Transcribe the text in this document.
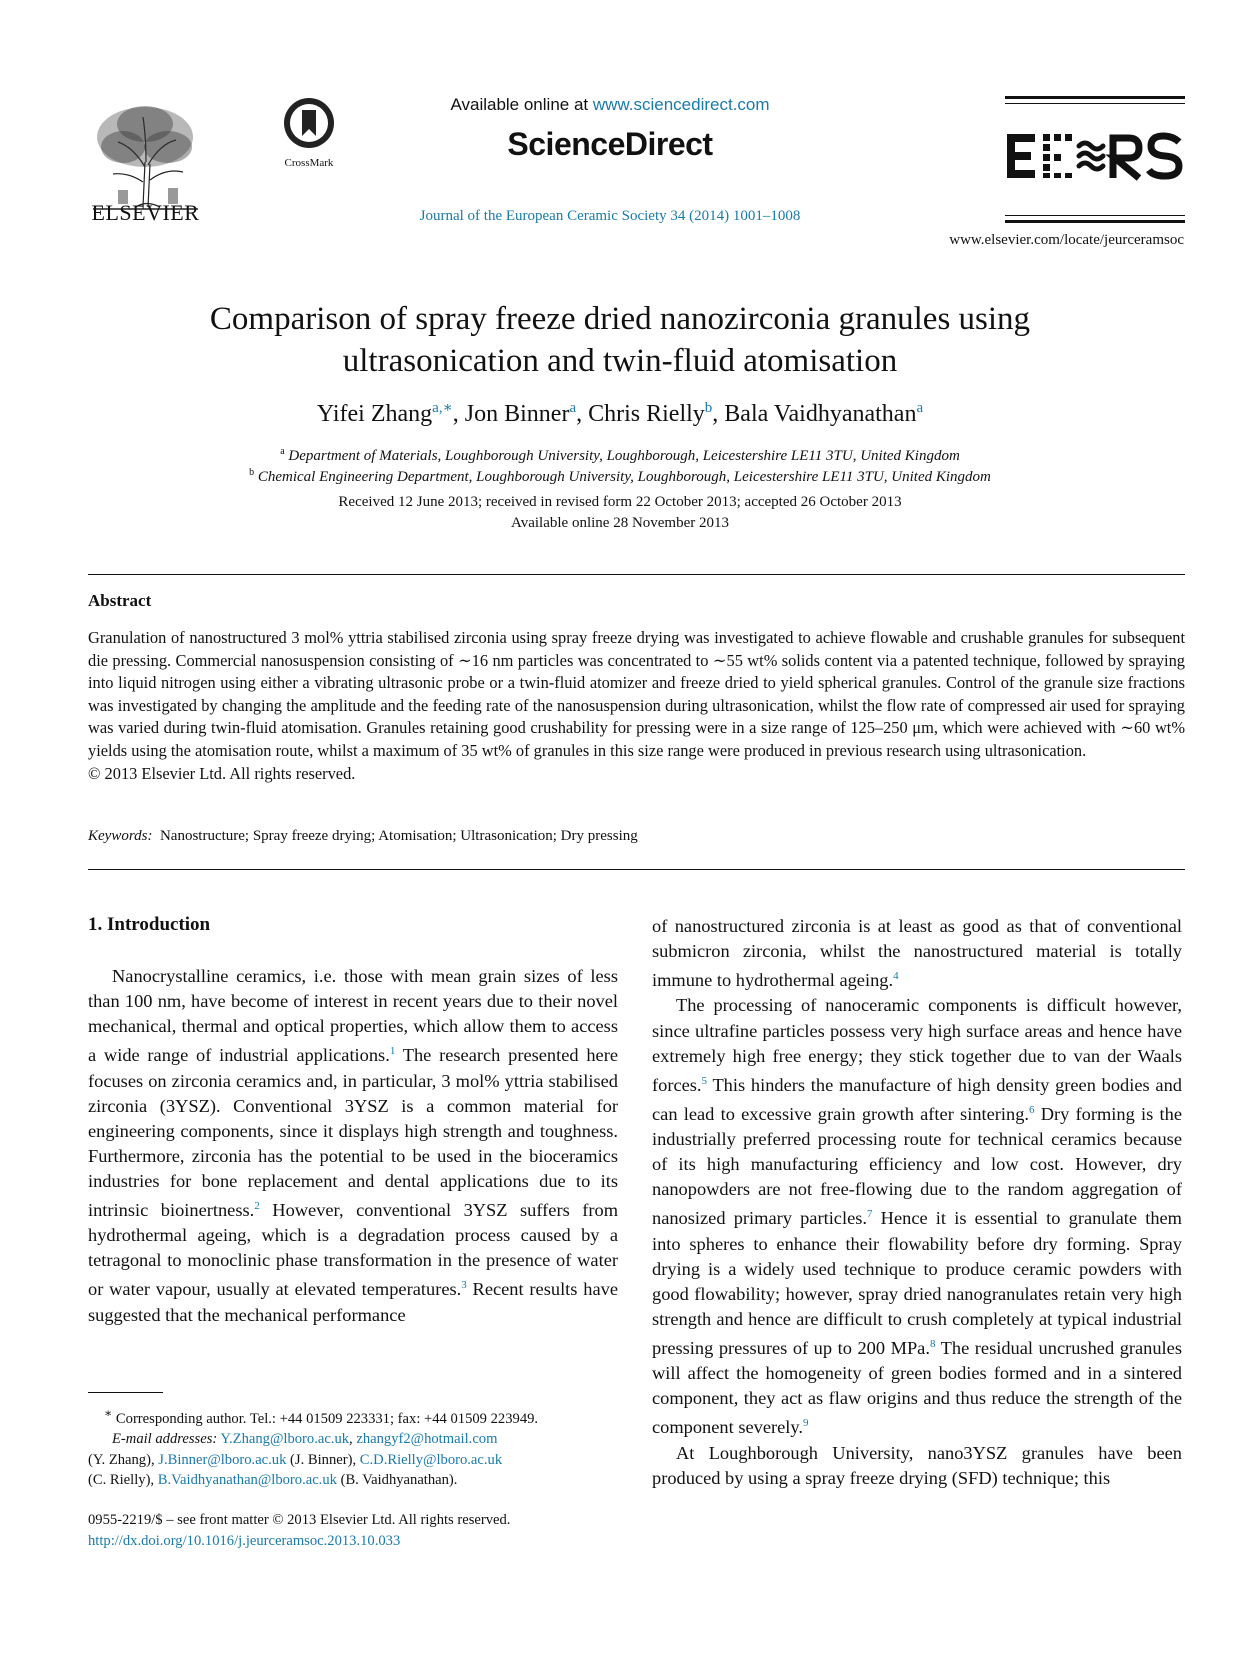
ELSEVIER
CrossMark
Available online at www.sciencedirect.com
ScienceDirect
Journal of the European Ceramic Society 34 (2014) 1001–1008
www.elsevier.com/locate/jeurceramsoc
Comparison of spray freeze dried nanozirconia granules using
ultrasonication and twin-fluid atomisation
Yifei Zhang$^{a,∗}$, Jon Binner$^a$, Chris Rielly$^b$, Bala Vaidhyanathan$^a$
$^a$ Department of Materials, Loughborough University, Loughborough, Leicestershire LE11 3TU, United Kingdom
$^b$ Chemical Engineering Department, Loughborough University, Loughborough, Leicestershire LE11 3TU, United Kingdom
Received 12 June 2013; received in revised form 22 October 2013; accepted 26 October 2013
Available online 28 November 2013
Abstract
Granulation of nanostructured 3 mol% yttria stabilised zirconia using spray freeze drying was investigated to achieve flowable and crushable granules for subsequent die pressing. Commercial nanosuspension consisting of ∼16 nm particles was concentrated to ∼55 wt% solids content via a patented technique, followed by spraying into liquid nitrogen using either a vibrating ultrasonic probe or a twin-fluid atomizer and freeze dried to yield spherical granules. Control of the granule size fractions was investigated by changing the amplitude and the feeding rate of the nanosuspension during ultrasonication, whilst the flow rate of compressed air used for spraying was varied during twin-fluid atomisation. Granules retaining good crushability for pressing were in a size range of 125–250 μm, which were achieved with ∼60 wt% yields using the atomisation route, whilst a maximum of 35 wt% of granules in this size range were produced in previous research using ultrasonication.
© 2013 Elsevier Ltd. All rights reserved.
Keywords: Nanostructure; Spray freeze drying; Atomisation; Ultrasonication; Dry pressing
1. Introduction

Nanocrystalline ceramics, i.e. those with mean grain sizes of less than 100 nm, have become of interest in recent years due to their novel mechanical, thermal and optical properties, which allow them to access a wide range of industrial applications.$^1$ The research presented here focuses on zirconia ceramics and, in particular, 3 mol% yttria stabilised zirconia (3YSZ). Conventional 3YSZ is a common material for engineering components, since it displays high strength and toughness. Furthermore, zirconia has the potential to be used in the bioceramics industries for bone replacement and dental applications due to its intrinsic bioinertness.$^2$ However, conventional 3YSZ suffers from hydrothermal ageing, which is a degradation process caused by a tetragonal to monoclinic phase transformation in the presence of water or water vapour, usually at elevated temperatures.$^3$ Recent results have suggested that the mechanical performance

of nanostructured zirconia is at least as good as that of conventional submicron zirconia, whilst the nanostructured material is totally immune to hydrothermal ageing.$^4$

The processing of nanoceramic components is difficult however, since ultrafine particles possess very high surface areas and hence have extremely high free energy; they stick together due to van der Waals forces.$^5$ This hinders the manufacture of high density green bodies and can lead to excessive grain growth after sintering.$^6$ Dry forming is the industrially preferred processing route for technical ceramics because of its high manufacturing efficiency and low cost. However, dry nanopowders are not free-flowing due to the random aggregation of nanosized primary particles.$^7$ Hence it is essential to granulate them into spheres to enhance their flowability before dry forming. Spray drying is a widely used technique to produce ceramic powders with good flowability; however, spray dried nanogranulates retain very high strength and hence are difficult to crush completely at typical industrial pressing pressures of up to 200 MPa.$^8$ The residual uncrushed granules will affect the homogeneity of green bodies formed and in a sintered component, they act as flaw origins and thus reduce the strength of the component severely.$^9$

At Loughborough University, nano3YSZ granules have been produced by using a spray freeze drying (SFD) technique; this

∗ Corresponding author. Tel.: +44 01509 223331; fax: +44 01509 223949.
E-mail addresses: Y.Zhang@lboro.ac.uk, zhangyf2@hotmail.com
(Y. Zhang), J.Binner@lboro.ac.uk (J. Binner), C.D.Rielly@lboro.ac.uk
(C. Rielly), B.Vaidhyanathan@lboro.ac.uk (B. Vaidhyanathan).
0955-2219/$ – see front matter © 2013 Elsevier Ltd. All rights reserved.
http://dx.doi.org/10.1016/j.jeurceramsoc.2013.10.033
